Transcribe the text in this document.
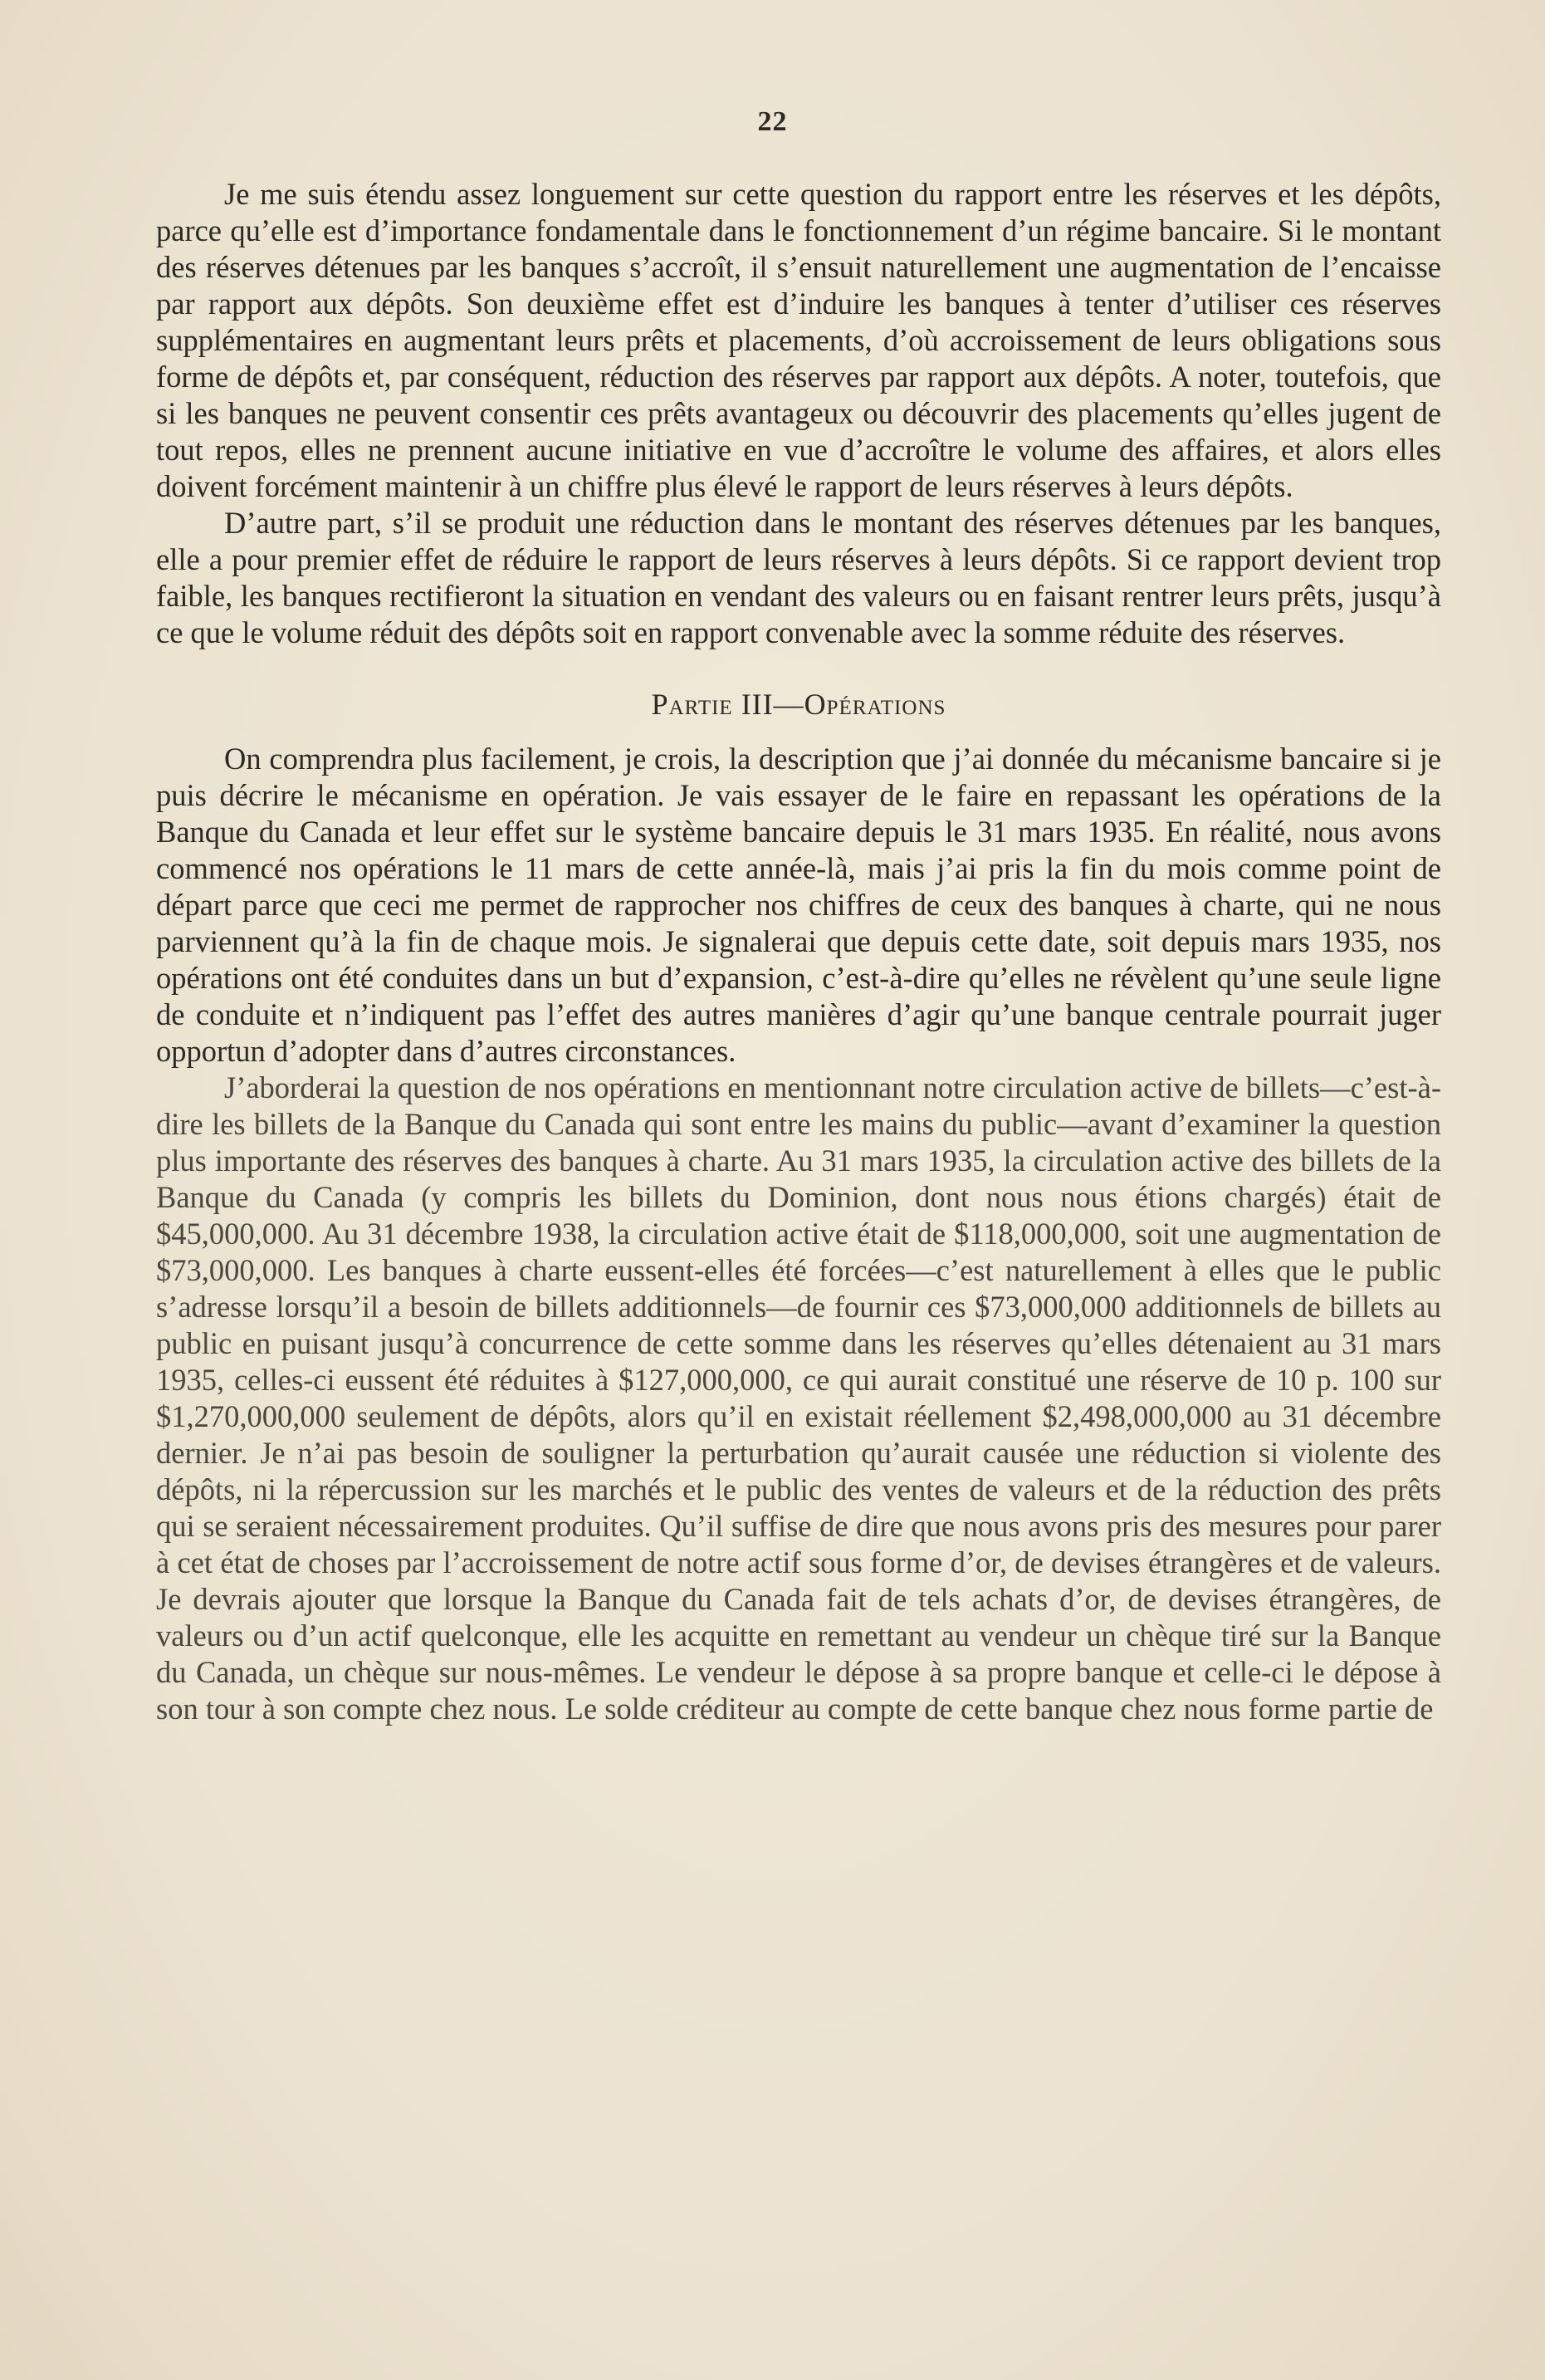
22

Je me suis étendu assez longuement sur cette question du rapport entre les réserves et les dépôts, parce qu’elle est d’importance fondamentale dans le fonctionnement d’un régime bancaire. Si le montant des réserves détenues par les banques s’accroît, il s’ensuit naturellement une augmentation de l’encaisse par rapport aux dépôts. Son deuxième effet est d’induire les banques à tenter d’utiliser ces réserves supplémentaires en augmentant leurs prêts et placements, d’où accroissement de leurs obligations sous forme de dépôts et, par conséquent, réduction des réserves par rapport aux dépôts. A noter, toutefois, que si les banques ne peuvent consentir ces prêts avantageux ou découvrir des placements qu’elles jugent de tout repos, elles ne prennent aucune initiative en vue d’accroître le volume des affaires, et alors elles doivent forcément maintenir à un chiffre plus élevé le rapport de leurs réserves à leurs dépôts.

D’autre part, s’il se produit une réduction dans le montant des réserves détenues par les banques, elle a pour premier effet de réduire le rapport de leurs réserves à leurs dépôts. Si ce rapport devient trop faible, les banques rectifieront la situation en vendant des valeurs ou en faisant rentrer leurs prêts, jusqu’à ce que le volume réduit des dépôts soit en rapport convenable avec la somme réduite des réserves.

Partie III—Opérations

On comprendra plus facilement, je crois, la description que j’ai donnée du mécanisme bancaire si je puis décrire le mécanisme en opération. Je vais essayer de le faire en repassant les opérations de la Banque du Canada et leur effet sur le système bancaire depuis le 31 mars 1935. En réalité, nous avons commencé nos opérations le 11 mars de cette année-là, mais j’ai pris la fin du mois comme point de départ parce que ceci me permet de rapprocher nos chiffres de ceux des banques à charte, qui ne nous parviennent qu’à la fin de chaque mois. Je signalerai que depuis cette date, soit depuis mars 1935, nos opérations ont été conduites dans un but d’expansion, c’est-à-dire qu’elles ne révèlent qu’une seule ligne de conduite et n’indiquent pas l’effet des autres manières d’agir qu’une banque centrale pourrait juger opportun d’adopter dans d’autres circonstances.

J’aborderai la question de nos opérations en mentionnant notre circulation active de billets—c’est-à-dire les billets de la Banque du Canada qui sont entre les mains du public—avant d’examiner la question plus importante des réserves des banques à charte. Au 31 mars 1935, la circulation active des billets de la Banque du Canada (y compris les billets du Dominion, dont nous nous étions chargés) était de $45,000,000. Au 31 décembre 1938, la circulation active était de $118,000,000, soit une augmentation de $73,000,000. Les banques à charte eussent-elles été forcées—c’est naturellement à elles que le public s’adresse lorsqu’il a besoin de billets additionnels—de fournir ces $73,000,000 additionnels de billets au public en puisant jusqu’à concurrence de cette somme dans les réserves qu’elles détenaient au 31 mars 1935, celles-ci eussent été réduites à $127,000,000, ce qui aurait constitué une réserve de 10 p. 100 sur $1,270,000,000 seulement de dépôts, alors qu’il en existait réellement $2,498,000,000 au 31 décembre dernier. Je n’ai pas besoin de souligner la perturbation qu’aurait causée une réduction si violente des dépôts, ni la répercussion sur les marchés et le public des ventes de valeurs et de la réduction des prêts qui se seraient nécessairement produites. Qu’il suffise de dire que nous avons pris des mesures pour parer à cet état de choses par l’accroissement de notre actif sous forme d’or, de devises étrangères et de valeurs. Je devrais ajouter que lorsque la Banque du Canada fait de tels achats d’or, de devises étrangères, de valeurs ou d’un actif quelconque, elle les acquitte en remettant au vendeur un chèque tiré sur la Banque du Canada, un chèque sur nous-mêmes. Le vendeur le dépose à sa propre banque et celle-ci le dépose à son tour à son compte chez nous. Le solde créditeur au compte de cette banque chez nous forme partie de
